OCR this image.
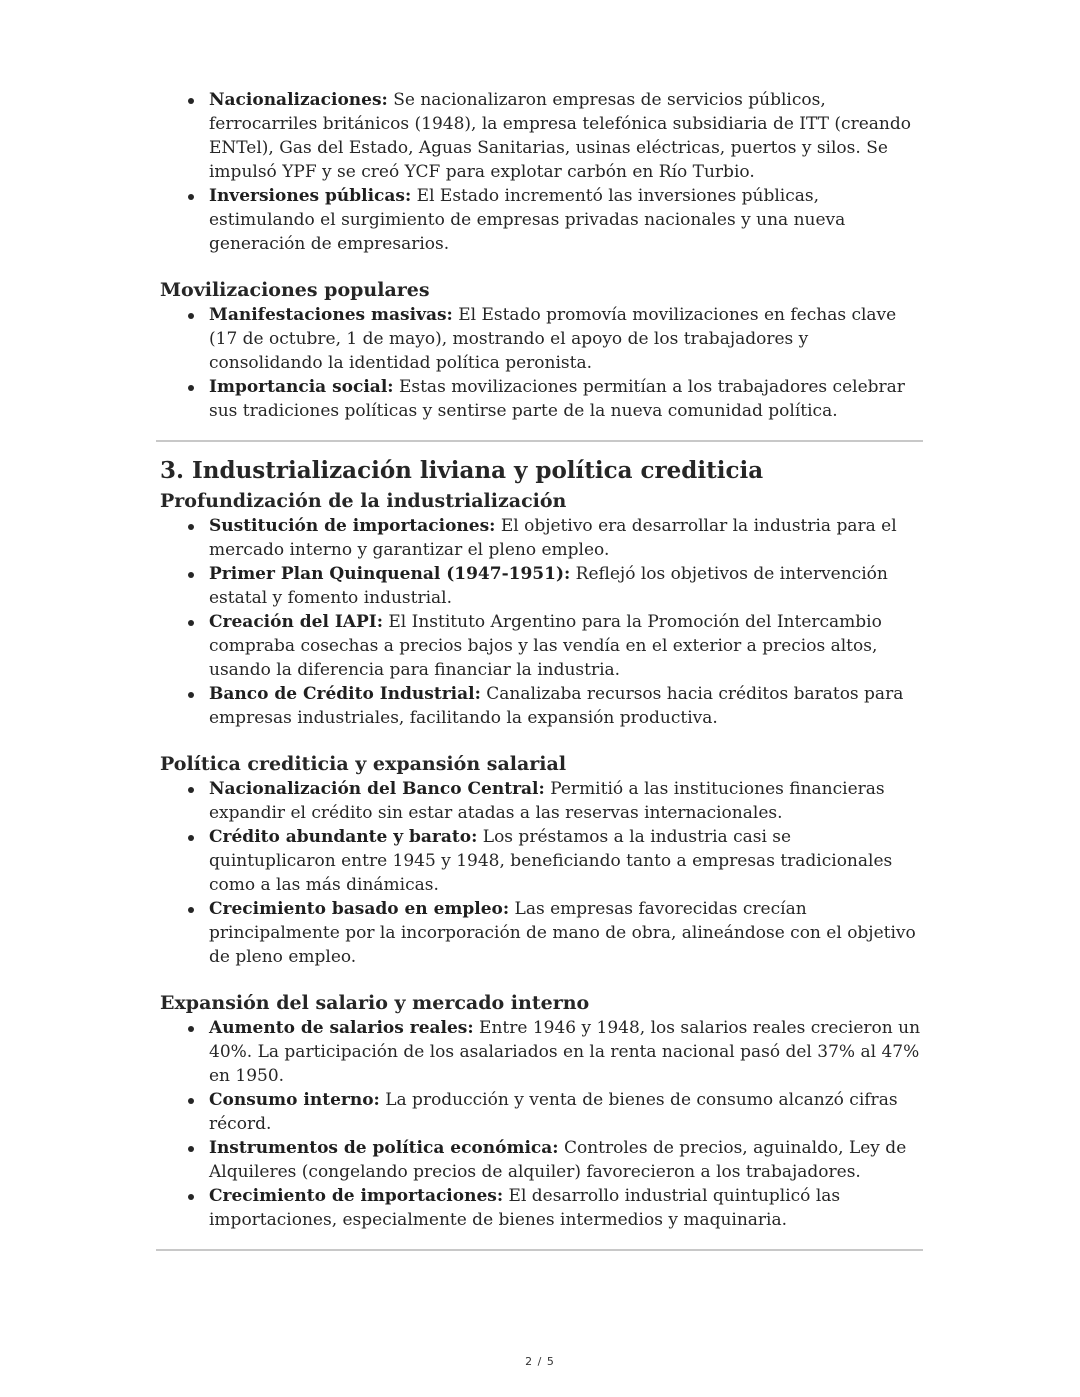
Nacionalizaciones: Se nacionalizaron empresas de servicios públicos, ferrocarriles británicos (1948), la empresa telefónica subsidiaria de ITT (creando ENTel), Gas del Estado, Aguas Sanitarias, usinas eléctricas, puertos y silos. Se impulsó YPF y se creó YCF para explotar carbón en Río Turbio.
Inversiones públicas: El Estado incrementó las inversiones públicas, estimulando el surgimiento de empresas privadas nacionales y una nueva generación de empresarios.
Movilizaciones populares
Manifestaciones masivas: El Estado promovía movilizaciones en fechas clave (17 de octubre, 1 de mayo), mostrando el apoyo de los trabajadores y consolidando la identidad política peronista.
Importancia social: Estas movilizaciones permitían a los trabajadores celebrar sus tradiciones políticas y sentirse parte de la nueva comunidad política.
3. Industrialización liviana y política crediticia
Profundización de la industrialización
Sustitución de importaciones: El objetivo era desarrollar la industria para el mercado interno y garantizar el pleno empleo.
Primer Plan Quinquenal (1947-1951): Reflejó los objetivos de intervención estatal y fomento industrial.
Creación del IAPI: El Instituto Argentino para la Promoción del Intercambio compraba cosechas a precios bajos y las vendía en el exterior a precios altos, usando la diferencia para financiar la industria.
Banco de Crédito Industrial: Canalizaba recursos hacia créditos baratos para empresas industriales, facilitando la expansión productiva.
Política crediticia y expansión salarial
Nacionalización del Banco Central: Permitió a las instituciones financieras expandir el crédito sin estar atadas a las reservas internacionales.
Crédito abundante y barato: Los préstamos a la industria casi se quintuplicaron entre 1945 y 1948, beneficiando tanto a empresas tradicionales como a las más dinámicas.
Crecimiento basado en empleo: Las empresas favorecidas crecían principalmente por la incorporación de mano de obra, alineándose con el objetivo de pleno empleo.
Expansión del salario y mercado interno
Aumento de salarios reales: Entre 1946 y 1948, los salarios reales crecieron un 40%. La participación de los asalariados en la renta nacional pasó del 37% al 47% en 1950.
Consumo interno: La producción y venta de bienes de consumo alcanzó cifras récord.
Instrumentos de política económica: Controles de precios, aguinaldo, Ley de Alquileres (congelando precios de alquiler) favorecieron a los trabajadores.
Crecimiento de importaciones: El desarrollo industrial quintuplicó las importaciones, especialmente de bienes intermedios y maquinaria.
2 / 5
